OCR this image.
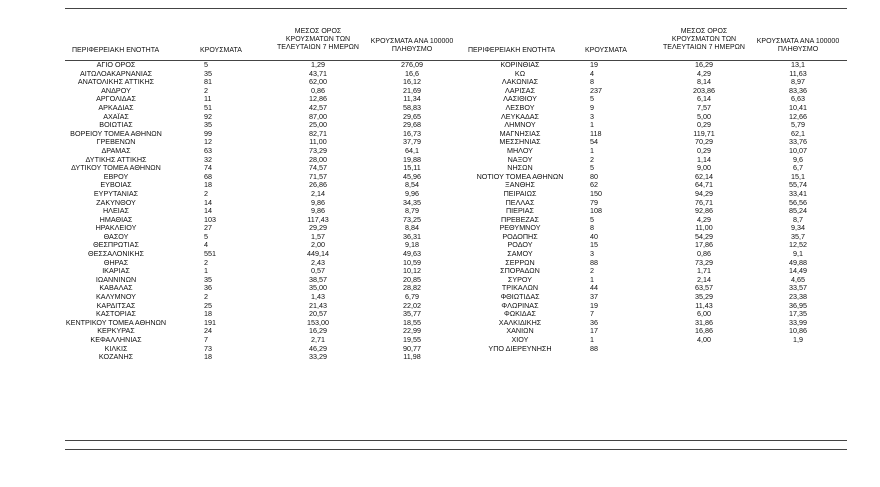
ΠΕΡΙΦΕΡΕΙΑΚΗ ΕΝΟΤΗΤΑ	ΚΡΟΥΣΜΑΤΑ
ΜΕΣΟΣ ΟΡΟΣ
ΚΡΟΥΣΜΑΤΩΝ ΤΩΝ
ΤΕΛΕΥΤΑΙΩΝ 7 ΗΜΕΡΩΝ
ΚΡΟΥΣΜΑΤΑ ΑΝΑ 100000
ΠΛΗΘΥΣΜΟ	ΠΕΡΙΦΕΡΕΙΑΚΗ ΕΝΟΤΗΤΑ	ΚΡΟΥΣΜΑΤΑ
ΜΕΣΟΣ ΟΡΟΣ
ΚΡΟΥΣΜΑΤΩΝ ΤΩΝ
ΤΕΛΕΥΤΑΙΩΝ 7 ΗΜΕΡΩΝ
ΚΡΟΥΣΜΑΤΑ ΑΝΑ 100000
ΠΛΗΘΥΣΜΟ
ΑΓΙΟ ΟΡΟΣ	5	1,29	276,09
ΑΙΤΩΛΟΑΚΑΡΝΑΝΙΑΣ	35	43,71	16,6
ΑΝΑΤΟΛΙΚΗΣ ΑΤΤΙΚΗΣ	81	62,00	16,12
ΑΝΔΡΟΥ	2	0,86	21,69
ΑΡΓΟΛΙΔΑΣ	11	12,86	11,34
ΑΡΚΑΔΙΑΣ	51	42,57	58,83
ΑΧΑΪΑΣ	92	87,00	29,65
ΒΟΙΩΤΙΑΣ	35	25,00	29,68
ΒΟΡΕΙΟΥ ΤΟΜΕΑ ΑΘΗΝΩΝ	99	82,71	16,73
ΓΡΕΒΕΝΩΝ	12	11,00	37,79
ΔΡΑΜΑΣ	63	73,29	64,1
ΔΥΤΙΚΗΣ ΑΤΤΙΚΗΣ	32	28,00	19,88
ΔΥΤΙΚΟΥ ΤΟΜΕΑ ΑΘΗΝΩΝ	74	74,57	15,11
ΕΒΡΟΥ	68	71,57	45,96
ΕΥΒΟΙΑΣ	18	26,86	8,54
ΕΥΡΥΤΑΝΙΑΣ	2	2,14	9,96
ΖΑΚΥΝΘΟΥ	14	9,86	34,35
ΗΛΕΙΑΣ	14	9,86	8,79
ΗΜΑΘΙΑΣ	103	117,43	73,25
ΗΡΑΚΛΕΙΟΥ	27	29,29	8,84
ΘΑΣΟΥ	5	1,57	36,31
ΘΕΣΠΡΩΤΙΑΣ	4	2,00	9,18
ΘΕΣΣΑΛΟΝΙΚΗΣ	551	449,14	49,63
ΘΗΡΑΣ	2	2,43	10,59
ΙΚΑΡΙΑΣ	1	0,57	10,12
ΙΩΑΝΝΙΝΩΝ	35	38,57	20,85
ΚΑΒΑΛΑΣ	36	35,00	28,82
ΚΑΛΥΜΝΟΥ	2	1,43	6,79
ΚΑΡΔΙΤΣΑΣ	25	21,43	22,02
ΚΑΣΤΟΡΙΑΣ	18	20,57	35,77
ΚΕΝΤΡΙΚΟΥ ΤΟΜΕΑ ΑΘΗΝΩΝ	191	153,00	18,55
ΚΕΡΚΥΡΑΣ	24	16,29	22,99
ΚΕΦΑΛΛΗΝΙΑΣ	7	2,71	19,55
ΚΙΛΚΙΣ	73	46,29	90,77
ΚΟΖΑΝΗΣ	18	33,29	11,98
ΚΟΡΙΝΘΙΑΣ	19	16,29	13,1
ΚΩ	4	4,29	11,63
ΛΑΚΩΝΙΑΣ	8	8,14	8,97
ΛΑΡΙΣΑΣ	237	203,86	83,36
ΛΑΣΙΘΙΟΥ	5	6,14	6,63
ΛΕΣΒΟΥ	9	7,57	10,41
ΛΕΥΚΑΔΑΣ	3	5,00	12,66
ΛΗΜΝΟΥ	1	0,29	5,79
ΜΑΓΝΗΣΙΑΣ	118	119,71	62,1
ΜΕΣΣΗΝΙΑΣ	54	70,29	33,76
ΜΗΛΟΥ	1	0,29	10,07
ΝΑΞΟΥ	2	1,14	9,6
ΝΗΣΩΝ	5	9,00	6,7
ΝΟΤΙΟΥ ΤΟΜΕΑ ΑΘΗΝΩΝ	80	62,14	15,1
ΞΑΝΘΗΣ	62	64,71	55,74
ΠΕΙΡΑΙΩΣ	150	94,29	33,41
ΠΕΛΛΑΣ	79	76,71	56,56
ΠΙΕΡΙΑΣ	108	92,86	85,24
ΠΡΕΒΕΖΑΣ	5	4,29	8,7
ΡΕΘΥΜΝΟΥ	8	11,00	9,34
ΡΟΔΟΠΗΣ	40	54,29	35,7
ΡΟΔΟΥ	15	17,86	12,52
ΣΑΜΟΥ	3	0,86	9,1
ΣΕΡΡΩΝ	88	73,29	49,88
ΣΠΟΡΑΔΩΝ	2	1,71	14,49
ΣΥΡΟΥ	1	2,14	4,65
ΤΡΙΚΑΛΩΝ	44	63,57	33,57
ΦΘΙΩΤΙΔΑΣ	37	35,29	23,38
ΦΛΩΡΙΝΑΣ	19	11,43	36,95
ΦΩΚΙΔΑΣ	7	6,00	17,35
ΧΑΛΚΙΔΙΚΗΣ	36	31,86	33,99
ΧΑΝΙΩΝ	17	16,86	10,86
ΧΙΟΥ	1	4,00	1,9
ΥΠΟ ΔΙΕΡΕΥΝΗΣΗ	88
